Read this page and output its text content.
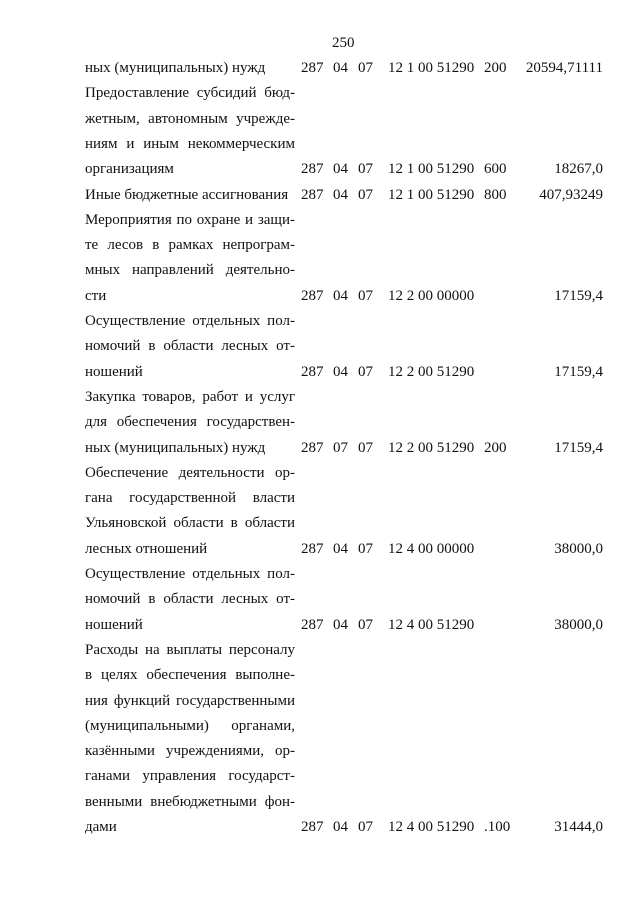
250
ных (муниципальных) нужд	287 04 07 12 1 00 51290 200 20594,71111
Предоставление субсидий бюд-
жетным, автономным учрежде-
ниям и иным некоммерческим
организациям	287 04 07 12 1 00 51290 600	18267,0
Иные бюджетные ассигнования 287 04 07 12 1 00 51290 800 407,93249
Мероприятия по охране и защи-
те лесов в рамках непрограм-
мных направлений деятельно-
сти	287 04 07 12 2 00 00000	17159,4
Осуществление отдельных пол-
номочий в области лесных от-
ношений	287 04 07 12 2 00 51290	17159,4
Закупка товаров, работ и услуг
для обеспечения государствен-
ных (муниципальных) нужд	287 07 07 12 2 00 51290 200	17159,4
Обеспечение деятельности ор-
гана государственной власти
Ульяновской области в области
лесных отношений	287 04 07 12 4 00 00000	38000,0
Осуществление отдельных пол-
номочий в области лесных от-
ношений	287 04 07 12 4 00 51290	38000,0
Расходы на выплаты персоналу
в целях обеспечения выполне-
ния функций государственными
(муниципальными) органами,
казёнными учреждениями, ор-
ганами управления государст-
венными внебюджетными фон-
дами	287 04 07 12 4 00 51290 .100	31444,0
